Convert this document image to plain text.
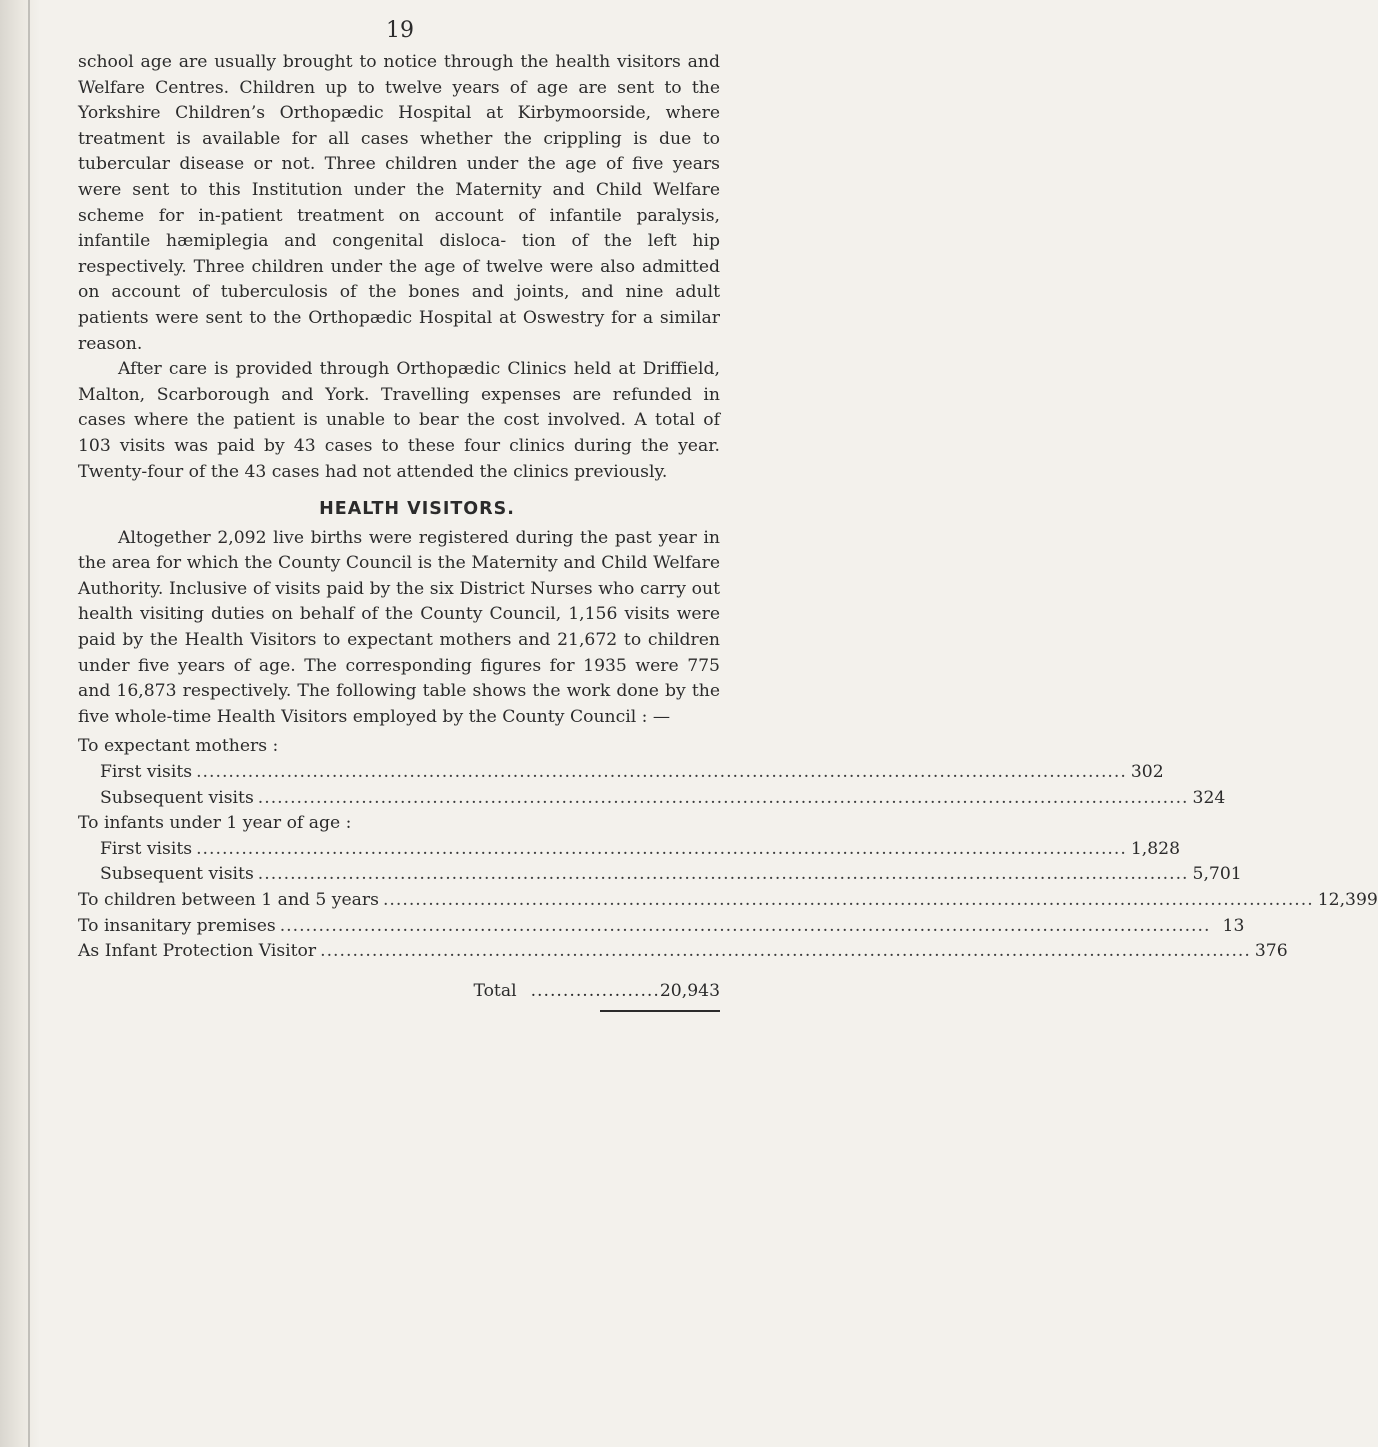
19

school age are usually brought to notice through the health visitors and Welfare Centres. Children up to twelve years of age are sent to the Yorkshire Children’s Orthopædic Hospital at Kirbymoorside, where treatment is available for all cases whether the crippling is due to tubercular disease or not. Three children under the age of five years were sent to this Institution under the Maternity and Child Welfare scheme for in-patient treatment on account of infantile paralysis, infantile hæmiplegia and congenital disloca- tion of the left hip respectively. Three children under the age of twelve were also admitted on account of tuberculosis of the bones and joints, and nine adult patients were sent to the Orthopædic Hospital at Oswestry for a similar reason.

After care is provided through Orthopædic Clinics held at Driffield, Malton, Scarborough and York. Travelling expenses are refunded in cases where the patient is unable to bear the cost involved. A total of 103 visits was paid by 43 cases to these four clinics during the year. Twenty-four of the 43 cases had not attended the clinics previously.

HEALTH VISITORS.

Altogether 2,092 live births were registered during the past year in the area for which the County Council is the Maternity and Child Welfare Authority. Inclusive of visits paid by the six District Nurses who carry out health visiting duties on behalf of the County Council, 1,156 visits were paid by the Health Visitors to expectant mothers and 21,672 to children under five years of age. The corresponding figures for 1935 were 775 and 16,873 respectively. The following table shows the work done by the five whole-time Health Visitors employed by the County Council : —

To expectant mothers :
First visits ................................................................................................................................................ 302
Subsequent visits ................................................................................................................................................ 324
To infants under 1 year of age :
First visits ................................................................................................................................................ 1,828
Subsequent visits ................................................................................................................................................ 5,701
To children between 1 and 5 years ................................................................................................................................................ 12,399
To insanitary premises ................................................................................................................................................ 13
As Infant Protection Visitor ................................................................................................................................................ 376
Total .................... 20,943
